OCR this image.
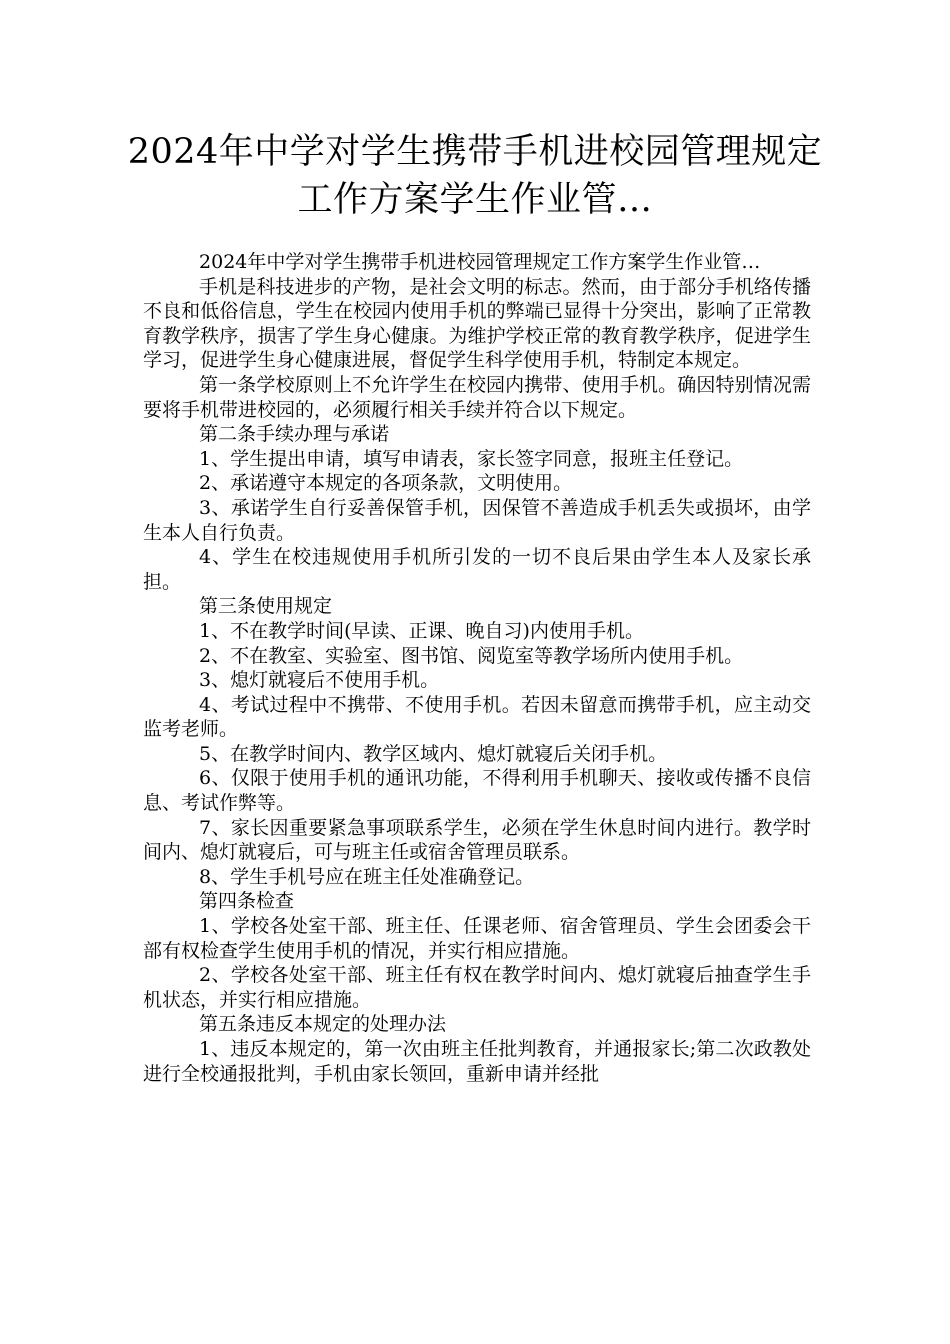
2024年中学对学生携带手机进校园管理规定工作方案学生作业管…

2024年中学对学生携带手机进校园管理规定工作方案学生作业管…

手机是科技进步的产物，是社会文明的标志。然而，由于部分手机络传播不良和低俗信息，学生在校园内使用手机的弊端已显得十分突出，影响了正常教育教学秩序，损害了学生身心健康。为维护学校正常的教育教学秩序，促进学生学习，促进学生身心健康进展，督促学生科学使用手机，特制定本规定。

第一条学校原则上不允许学生在校园内携带、使用手机。确因特别情况需要将手机带进校园的，必须履行相关手续并符合以下规定。

第二条手续办理与承诺

1、学生提出申请，填写申请表，家长签字同意，报班主任登记。

2、承诺遵守本规定的各项条款，文明使用。

3、承诺学生自行妥善保管手机，因保管不善造成手机丢失或损坏，由学生本人自行负责。

4、学生在校违规使用手机所引发的一切不良后果由学生本人及家长承担。

第三条使用规定

1、不在教学时间(早读、正课、晚自习)内使用手机。

2、不在教室、实验室、图书馆、阅览室等教学场所内使用手机。

3、熄灯就寝后不使用手机。

4、考试过程中不携带、不使用手机。若因未留意而携带手机，应主动交监考老师。

5、在教学时间内、教学区域内、熄灯就寝后关闭手机。

6、仅限于使用手机的通讯功能，不得利用手机聊天、接收或传播不良信息、考试作弊等。

7、家长因重要紧急事项联系学生，必须在学生休息时间内进行。教学时间内、熄灯就寝后，可与班主任或宿舍管理员联系。

8、学生手机号应在班主任处准确登记。

第四条检查

1、学校各处室干部、班主任、任课老师、宿舍管理员、学生会团委会干部有权检查学生使用手机的情况，并实行相应措施。

2、学校各处室干部、班主任有权在教学时间内、熄灯就寝后抽查学生手机状态，并实行相应措施。

第五条违反本规定的处理办法

1、违反本规定的，第一次由班主任批判教育，并通报家长;第二次政教处进行全校通报批判，手机由家长领回，重新申请并经批
